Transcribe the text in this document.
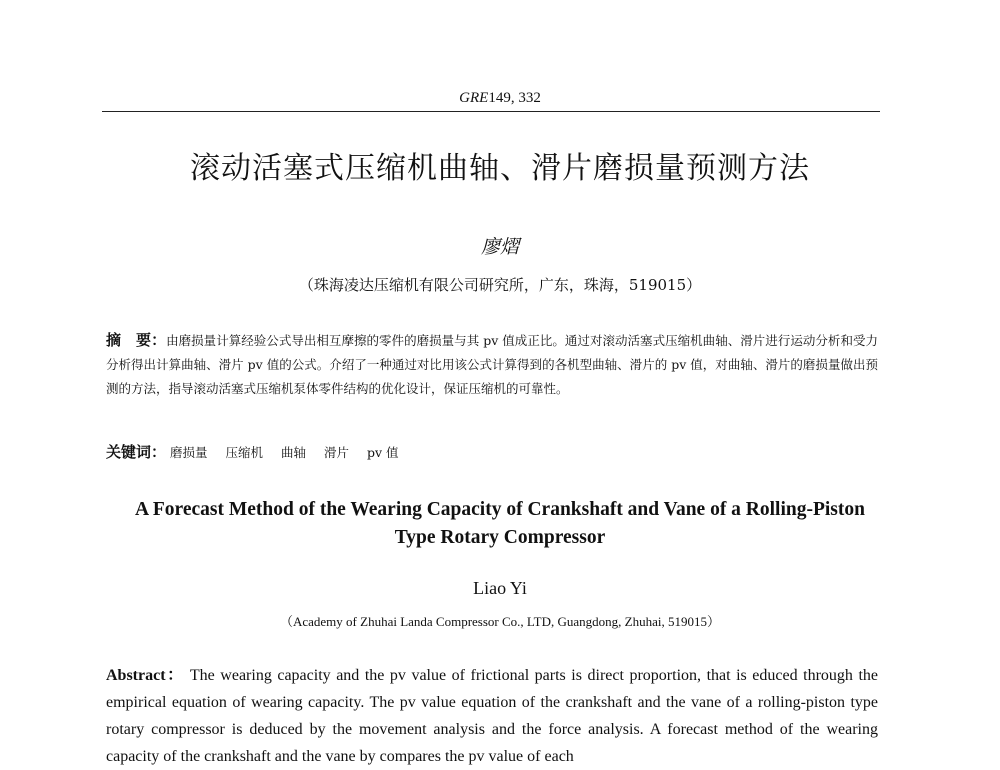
GRE149, 332
滚动活塞式压缩机曲轴、滑片磨损量预测方法
廖熠
（珠海凌达压缩机有限公司研究所，广东，珠海，519015）
摘　要：由磨损量计算经验公式导出相互摩擦的零件的磨损量与其 pv 值成正比。通过对滚动活塞式压缩机曲轴、滑片进行运动分析和受力分析得出计算曲轴、滑片 pv 值的公式。介绍了一种通过对比用该公式计算得到的各机型曲轴、滑片的 pv 值，对曲轴、滑片的磨损量做出预测的方法，指导滚动活塞式压缩机泵体零件结构的优化设计，保证压缩机的可靠性。
关键词： 磨损量 压缩机 曲轴 滑片 pv 值
A Forecast Method of the Wearing Capacity of Crankshaft and Vane of a Rolling-Piston
Type Rotary Compressor
Liao Yi
（Academy of Zhuhai Landa Compressor Co., LTD, Guangdong, Zhuhai, 519015）
Abstract： The wearing capacity and the pv value of frictional parts is direct proportion, that is educed through the empirical equation of wearing capacity. The pv value equation of the crankshaft and the vane of a rolling-piston type rotary compressor is deduced by the movement analysis and the force analysis. A forecast method of the wearing capacity of the crankshaft and the vane by compares the pv value of each
